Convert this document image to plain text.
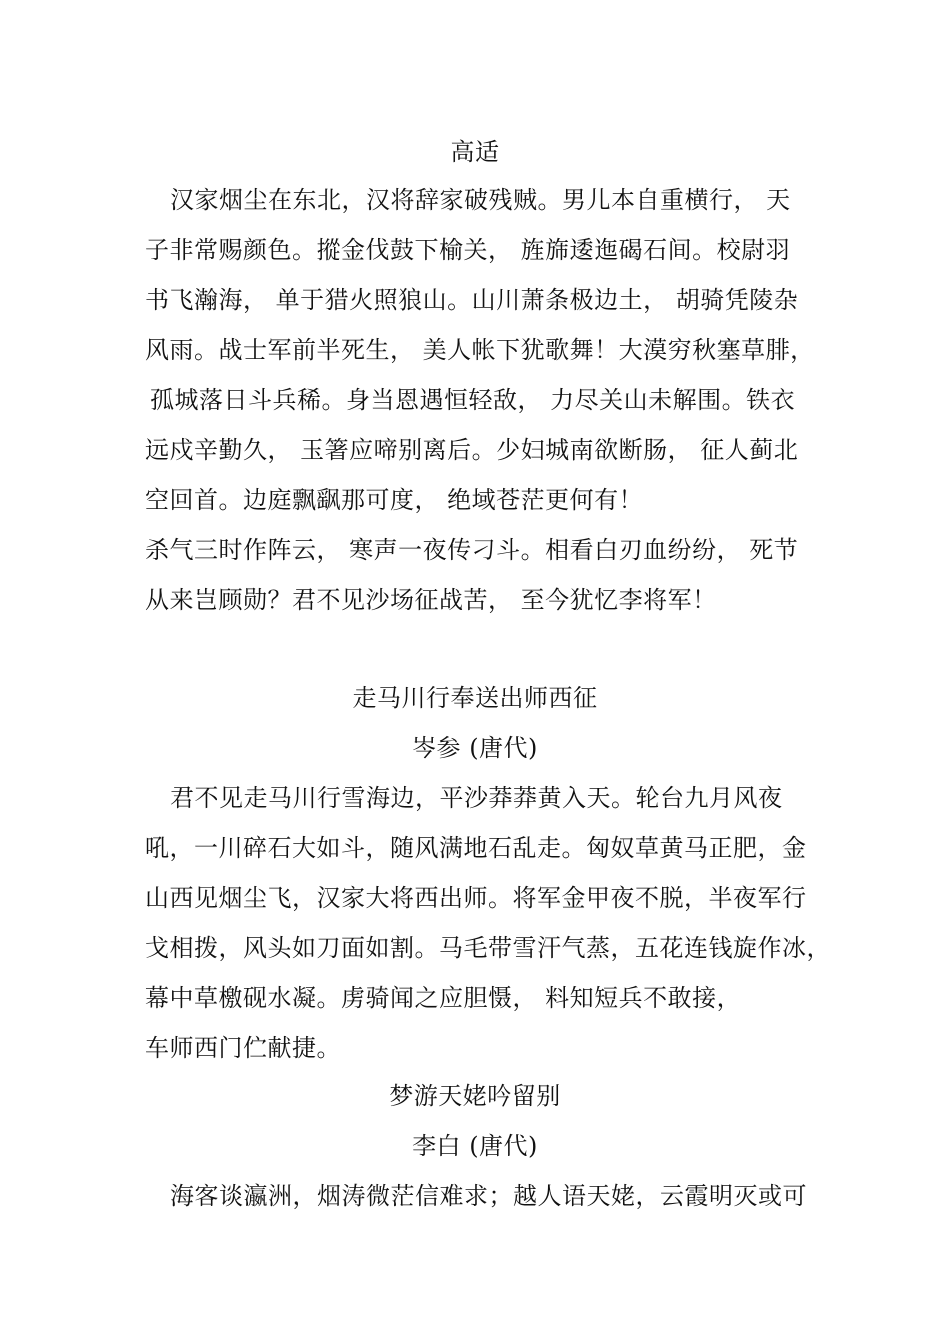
高适
汉家烟尘在东北，汉将辞家破残贼。男儿本自重横行， 天
子非常赐颜色。摐金伐鼓下榆关， 旌旆逶迤碣石间。校尉羽
书飞瀚海， 单于猎火照狼山。山川萧条极边土， 胡骑凭陵杂
风雨。战士军前半死生， 美人帐下犹歌舞！大漠穷秋塞草腓，
孤城落日斗兵稀。身当恩遇恒轻敌， 力尽关山未解围。铁衣
远戍辛勤久， 玉箸应啼别离后。少妇城南欲断肠， 征人蓟北
空回首。边庭飘飖那可度， 绝域苍茫更何有！
杀气三时作阵云， 寒声一夜传刁斗。相看白刃血纷纷， 死节
从来岂顾勋？君不见沙场征战苦， 至今犹忆李将军！
走马川行奉送出师西征
岑参 (唐代)
君不见走马川行雪海边，平沙莽莽黄入天。轮台九月风夜
吼，一川碎石大如斗，随风满地石乱走。匈奴草黄马正肥，金
山西见烟尘飞，汉家大将西出师。将军金甲夜不脱，半夜军行
戈相拨，风头如刀面如割。马毛带雪汗气蒸，五花连钱旋作冰，
幕中草檄砚水凝。虏骑闻之应胆慑， 料知短兵不敢接，
车师西门伫献捷。
梦游天姥吟留别
李白 (唐代)
海客谈瀛洲，烟涛微茫信难求；越人语天姥，云霞明灭或可
